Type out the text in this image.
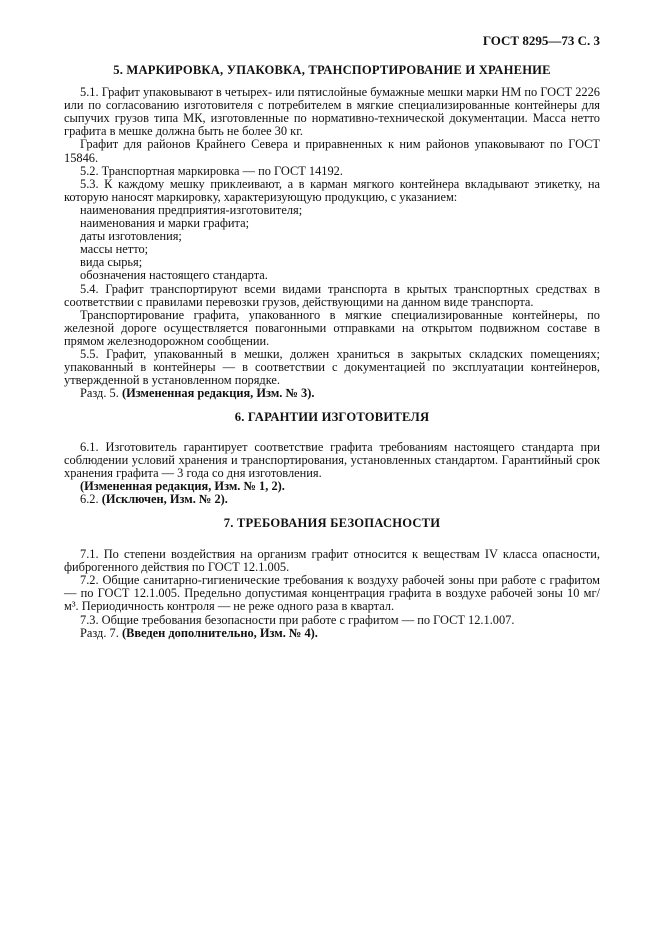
ГОСТ 8295—73 С. 3
5. МАРКИРОВКА, УПАКОВКА, ТРАНСПОРТИРОВАНИЕ И ХРАНЕНИЕ

5.1. Графит упаковывают в четырех- или пятислойные бумажные мешки марки НМ по ГОСТ 2226 или по согласованию изготовителя с потребителем в мягкие специализированные контейнеры для сыпучих грузов типа МК, изготовленные по нормативно-технической документации. Масса нетто графита в мешке должна быть не более 30 кг.

Графит для районов Крайнего Севера и приравненных к ним районов упаковывают по ГОСТ 15846.

5.2. Транспортная маркировка — по ГОСТ 14192.

5.3. К каждому мешку приклеивают, а в карман мягкого контейнера вкладывают этикетку, на которую наносят маркировку, характеризующую продукцию, с указанием:

наименования предприятия-изготовителя;

наименования и марки графита;

даты изготовления;

массы нетто;

вида сырья;

обозначения настоящего стандарта.

5.4. Графит транспортируют всеми видами транспорта в крытых транспортных средствах в соответствии с правилами перевозки грузов, действующими на данном виде транспорта.

Транспортирование графита, упакованного в мягкие специализированные контейнеры, по железной дороге осуществляется повагонными отправками на открытом подвижном составе в прямом железнодорожном сообщении.

5.5. Графит, упакованный в мешки, должен храниться в закрытых складских помещениях; упакованный в контейнеры — в соответствии с документацией по эксплуатации контейнеров, утвержденной в установленном порядке.

Разд. 5. (Измененная редакция, Изм. № 3).

6. ГАРАНТИИ ИЗГОТОВИТЕЛЯ

6.1. Изготовитель гарантирует соответствие графита требованиям настоящего стандарта при соблюдении условий хранения и транспортирования, установленных стандартом. Гарантийный срок хранения графита — 3 года со дня изготовления.

(Измененная редакция, Изм. № 1, 2).

6.2. (Исключен, Изм. № 2).

7. ТРЕБОВАНИЯ БЕЗОПАСНОСТИ

7.1. По степени воздействия на организм графит относится к веществам IV класса опасности, фиброгенного действия по ГОСТ 12.1.005.

7.2. Общие санитарно-гигиенические требования к воздуху рабочей зоны при работе с графитом — по ГОСТ 12.1.005. Предельно допустимая концентрация графита в воздухе рабочей зоны 10 мг/м³. Периодичность контроля — не реже одного раза в квартал.

7.3. Общие требования безопасности при работе с графитом — по ГОСТ 12.1.007.

Разд. 7. (Введен дополнительно, Изм. № 4).
